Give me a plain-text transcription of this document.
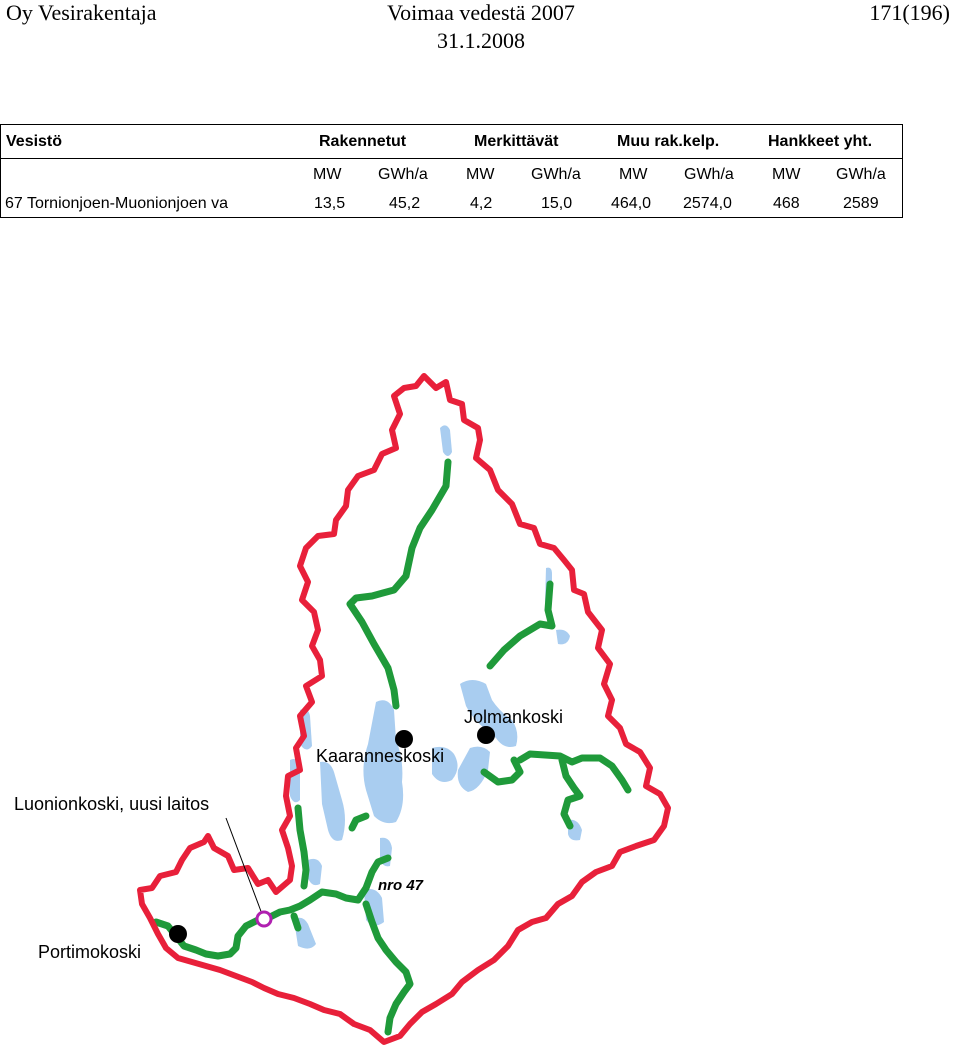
Oy Vesirakentaja	Voimaa vedestä 2007
31.1.2008
171(196)
Vesistö	Rakennetut	Merkittävät	Muu rak.kelp.	Hankkeet yht.
MW GWh/a MW GWh/a MW GWh/a MW GWh/a
67 Tornionjoen-Muonionjoen va	13,5	45,2	4,2	15,0 464,0 2574,0	468	2589
Jolmankoski
Kaaranneskoski
Luonionkoski, uusi laitos
Portimokoski
nro 47
